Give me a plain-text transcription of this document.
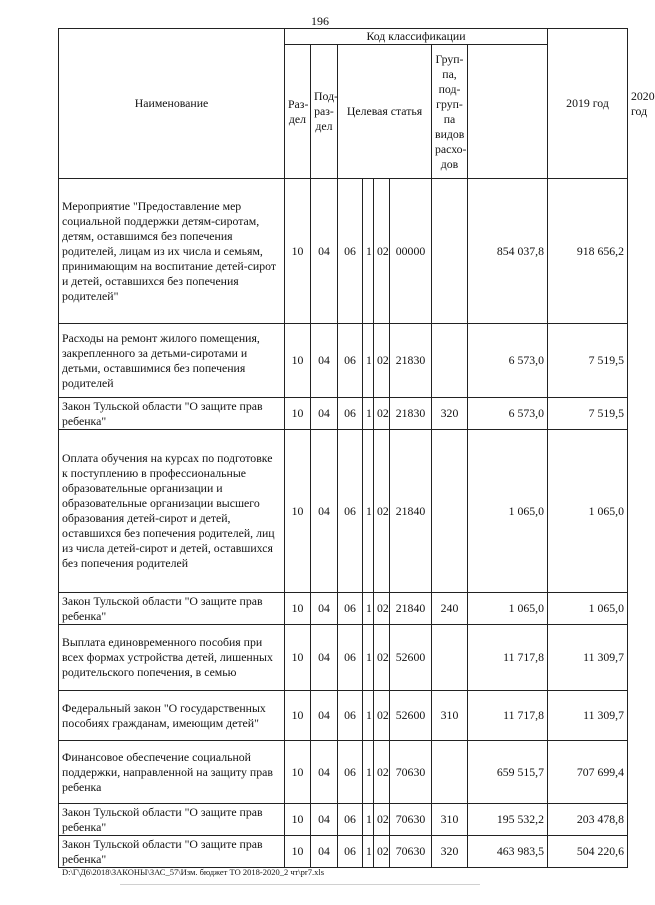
196
Наименование	Код классификации								2019 год	2020 год
	Раз-дел	Под-раз-дел	Целевая статья				Груп-па, под-груп-па видов расхо-дов			
Мероприятие "Предоставление мер социальной поддержки детям-сиротам, детям, оставшимся без попечения родителей, лицам из их числа и семьям, принимающим на воспитание детей-сирот и детей, оставшихся без попечения родителей"	10	04	06	1	02	00000		854 037,8	918 656,2	
Расходы на ремонт жилого помещения, закрепленного за детьми-сиротами и детьми, оставшимися без попечения родителей	10	04	06	1	02	21830		6 573,0	7 519,5	
Закон Тульской области "О защите прав ребенка"	10	04	06	1	02	21830	320	6 573,0	7 519,5	
Оплата обучения на курсах по подготовке к поступлению в профессиональные образовательные организации и образовательные организации высшего образования детей-сирот и детей, оставшихся без попечения родителей, лиц из числа детей-сирот и детей, оставшихся без попечения родителей	10	04	06	1	02	21840		1 065,0	1 065,0	
Закон Тульской области "О защите прав ребенка"	10	04	06	1	02	21840	240	1 065,0	1 065,0	
Выплата единовременного пособия при всех формах устройства детей, лишенных родительского попечения, в семью	10	04	06	1	02	52600		11 717,8	11 309,7	
Федеральный закон "О государственных пособиях гражданам, имеющим детей"	10	04	06	1	02	52600	310	11 717,8	11 309,7	
Финансовое обеспечение социальной поддержки, направленной на защиту прав ребенка	10	04	06	1	02	70630		659 515,7	707 699,4	
Закон Тульской области "О защите прав ребенка"	10	04	06	1	02	70630	310	195 532,2	203 478,8	
Закон Тульской области "О защите прав ребенка"	10	04	06	1	02	70630	320	463 983,5	504 220,6	
D:\Г\Д6\2018\ЗАКОНЫ\ЗАС_57\Изм. бюджет ТО 2018-2020_2 чт\pr7.xls
